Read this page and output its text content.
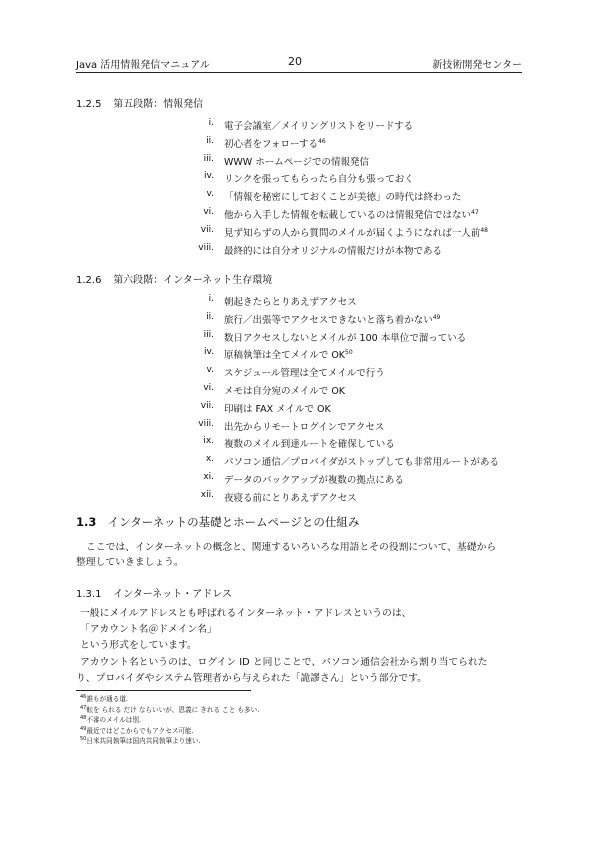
Java 活用情報発信マニュアル	20	新技術開発センター
1.2.5 第五段階：情報発信
i. 電子会議室／メイリングリストをリードする
ii. 初心者をフォローする$^{46}$
iii. WWW ホームページでの情報発信
iv. リンクを張ってもらったら自分も張っておく
v. 「情報を秘密にしておくことが美徳」の時代は終わった
vi. 他から入手した情報を転載しているのは情報発信ではない$^{47}$
vii. 見ず知らずの人から質問のメイルが届くようになれば一人前$^{48}$
viii. 最終的には自分オリジナルの情報だけが本物である
1.2.6 第六段階：インターネット生存環境
i. 朝起きたらとりあえずアクセス
ii. 旅行／出張等でアクセスできないと落ち着かない$^{49}$
iii. 数日アクセスしないとメイルが 100 本単位で溜っている
iv. 原稿執筆は全てメイルで OK$^{50}$
v. スケジュール管理は全てメイルで行う
vi. メモは自分宛のメイルで OK
vii. 印刷は FAX メイルで OK
viii. 出先からリモートログインでアクセス
ix. 複数のメイル到達ルートを確保している
x. パソコン通信／プロバイダがストップしても非常用ルートがある
xi. データのバックアップが複数の拠点にある
xii. 夜寝る前にとりあえずアクセス
1.3 インターネットの基礎とホームページとの仕組み
ここでは、インターネットの概念と、関連するいろいろな用語とその役割について、基礎から
整理していきましょう。
1.3.1 インターネット・アドレス
一般にメイルアドレスとも呼ばれるインターネット・アドレスというのは、
「アカウント名＠ドメイン名」
という形式をしています。
アカウント名というのは、ログイン ID と同じことで、パソコン通信会社から割り当てられた
り、プロバイダやシステム管理者から与えられた「詭謬さん」という部分です。
$^{46}$誰もが通る道.
$^{47}$転を られる だけ ならいいが、恩義に きれる こと も多い.
$^{48}$不審のメイルは別.
$^{49}$最近ではどこからでもアクセス可能.
$^{50}$日米共同執筆は国内共同執筆より速い.
